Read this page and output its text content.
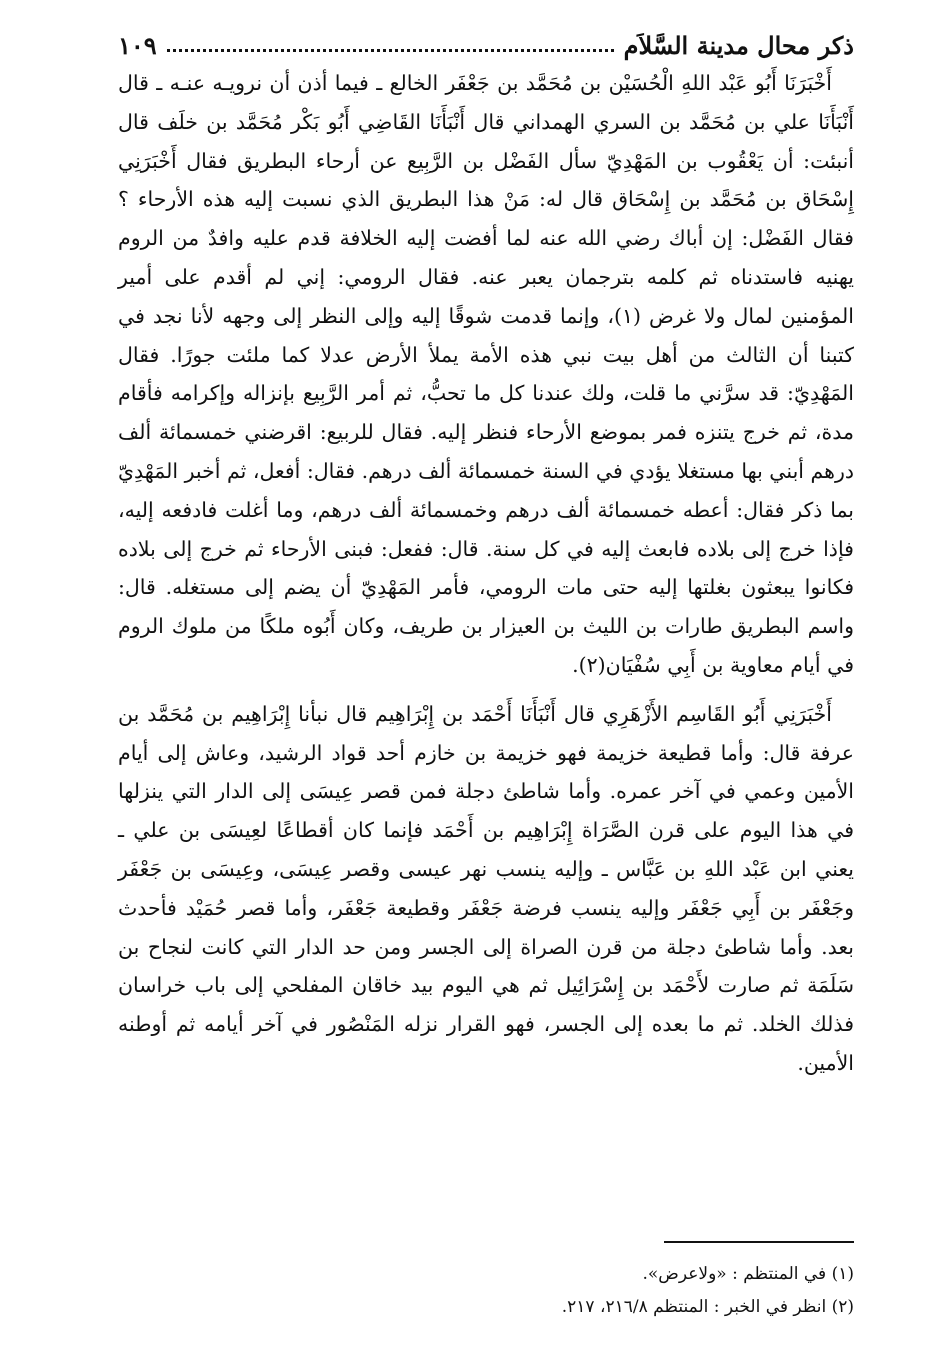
ذكر محال مدينة السَّلاَم
١٠٩

أَخْبَرَنَا أَبُو عَبْد اللهِ الْحُسَيْن بن مُحَمَّد بن جَعْفَر الخالع ـ فيما أذن أن نرويـه عنـه ـ قال أَنْبَأَنَا علي بن مُحَمَّد بن السري الهمداني قال أَنْبَأَنَا القَاضِي أَبُو بَكْر مُحَمَّد بن خلَف قال أنبئت: أن يَعْقُوب بن المَهْدِيّ سأل الفَضْل بن الرَّبِيع عن أرحاء البطريق فقال أَخْبَرَنِي إِسْحَاق بن مُحَمَّد بن إِسْحَاق قال له: مَنْ هذا البطريق الذي نسبت إليه هذه الأرحاء ؟ فقال الفَضْل: إن أباك رضي الله عنه لما أفضت إليه الخلافة قدم عليه وافدٌ من الروم يهنيه فاستدناه ثم كلمه بترجمان يعبر عنه. فقال الرومي: إني لم أقدم على أمير المؤمنين لمال ولا غرض (١)، وإنما قدمت شوقًا إليه وإلى النظر إلى وجهه لأنا نجد في كتبنا أن الثالث من أهل بيت نبي هذه الأمة يملأ الأرض عدلا كما ملئت جورًا. فقال المَهْدِيّ: قد سرَّني ما قلت، ولك عندنا كل ما تحبُّ، ثم أمر الرَّبِيع بإنزاله وإكرامه فأقام مدة، ثم خرج يتنزه فمر بموضع الأرحاء فنظر إليه. فقال للربيع: اقرضني خمسمائة ألف درهم أبني بها مستغلا يؤدي في السنة خمسمائة ألف درهم. فقال: أفعل، ثم أخبر المَهْدِيّ بما ذكر فقال: أعطه خمسمائة ألف درهم وخمسمائة ألف درهم، وما أغلت فادفعه إليه، فإذا خرج إلى بلاده فابعث إليه في كل سنة. قال: ففعل: فبنى الأرحاء ثم خرج إلى بلاده فكانوا يبعثون بغلتها إليه حتى مات الرومي، فأمر المَهْدِيّ أن يضم إلى مستغله. قال: واسم البطريق طارات بن الليث بن العيزار بن طريف، وكان أَبُوه ملكًا من ملوك الروم في أيام معاوية بن أَبِي سُفْيَان(٢).

أَخْبَرَنِي أَبُو القَاسِم الأَزْهَرِي قال أَنْبَأَنَا أَحْمَد بن إِبْرَاهِيم قال نبأنا إِبْرَاهِيم بن مُحَمَّد بن عرفة قال: وأما قطيعة خزيمة فهو خزيمة بن خازم أحد قواد الرشيد، وعاش إلى أيام الأمين وعمي في آخر عمره. وأما شاطئ دجلة فمن قصر عِيسَى إلى الدار التي ينزلها في هذا اليوم على قرن الصَّرَاة إِبْرَاهِيم بن أَحْمَد فإنما كان أقطاعًا لعِيسَى بن علي ـ يعني ابن عَبْد اللهِ بن عَبَّاس ـ وإليه ينسب نهر عيسى وقصر عِيسَى، وعِيسَى بن جَعْفَر وجَعْفَر بن أَبِي جَعْفَر وإليه ينسب فرضة جَعْفَر وقطيعة جَعْفَر، وأما قصر حُمَيْد فأحدث بعد. وأما شاطئ دجلة من قرن الصراة إلى الجسر ومن حد الدار التي كانت لنجاح بن سَلَمَة ثم صارت لأَحْمَد بن إِسْرَائِيل ثم هي اليوم بيد خاقان المفلحي إلى باب خراسان فذلك الخلد. ثم ما بعده إلى الجسر، فهو القرار نزله المَنْصُور في آخر أيامه ثم أوطنه الأمين.

(١) في المنتظم : «ولاعرض».
(٢) انظر في الخبر : المنتظم ٢١٦/٨، ٢١٧.
